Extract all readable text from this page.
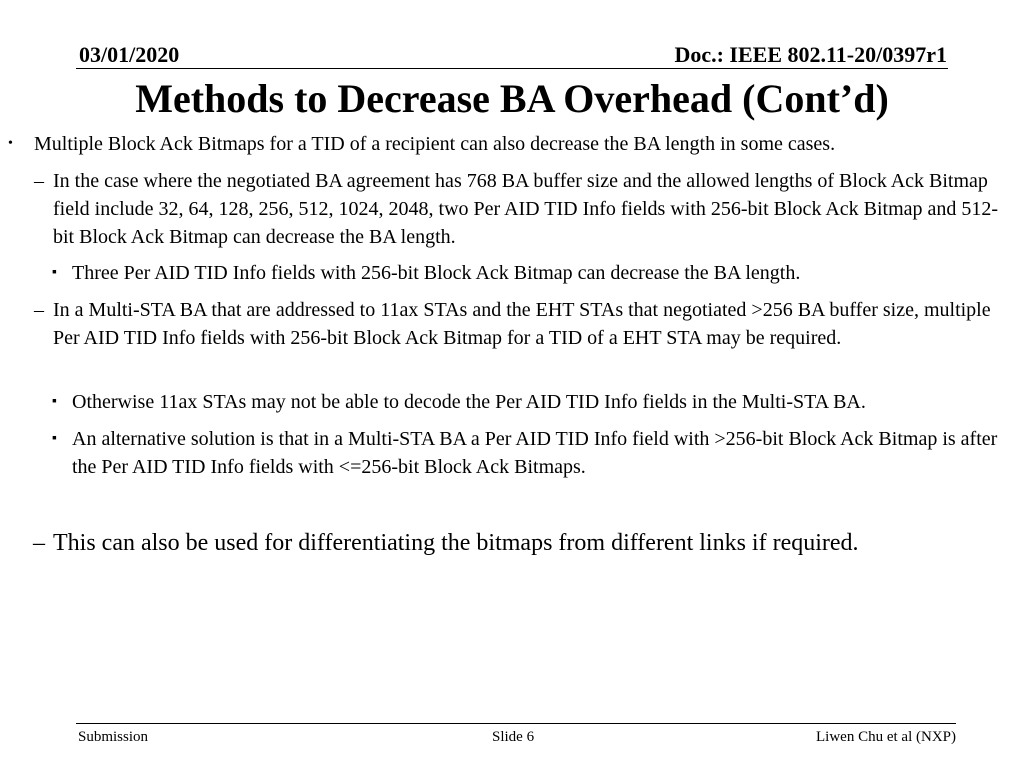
03/01/2020	Doc.: IEEE 802.11-20/0397r1
Methods to Decrease BA Overhead (Cont’d)
• Multiple Block Ack Bitmaps for a TID of a recipient can also decrease the BA length in some cases.
– In the case where the negotiated BA agreement has 768 BA buffer size and the allowed lengths of Block Ack Bitmap field include 32, 64, 128, 256, 512, 1024, 2048, two Per AID TID Info fields with 256-bit Block Ack Bitmap and 512-bit Block Ack Bitmap can decrease the BA length.
▪ Three Per AID TID Info fields with 256-bit Block Ack Bitmap can decrease the BA length.
– In a Multi-STA BA that are addressed to 11ax STAs and the EHT STAs that negotiated >256 BA buffer size, multiple Per AID TID Info fields with 256-bit Block Ack Bitmap for a TID of a EHT STA may be required.
▪ Otherwise 11ax STAs may not be able to decode the Per AID TID Info fields in the Multi-STA BA.
▪ An alternative solution is that in a Multi-STA BA a Per AID TID Info field with >256-bit Block Ack Bitmap is after the Per AID TID Info fields with <=256-bit Block Ack Bitmaps.
– This can also be used for differentiating the bitmaps from different links if required.
Submission	Slide 6	Liwen Chu et al (NXP)
